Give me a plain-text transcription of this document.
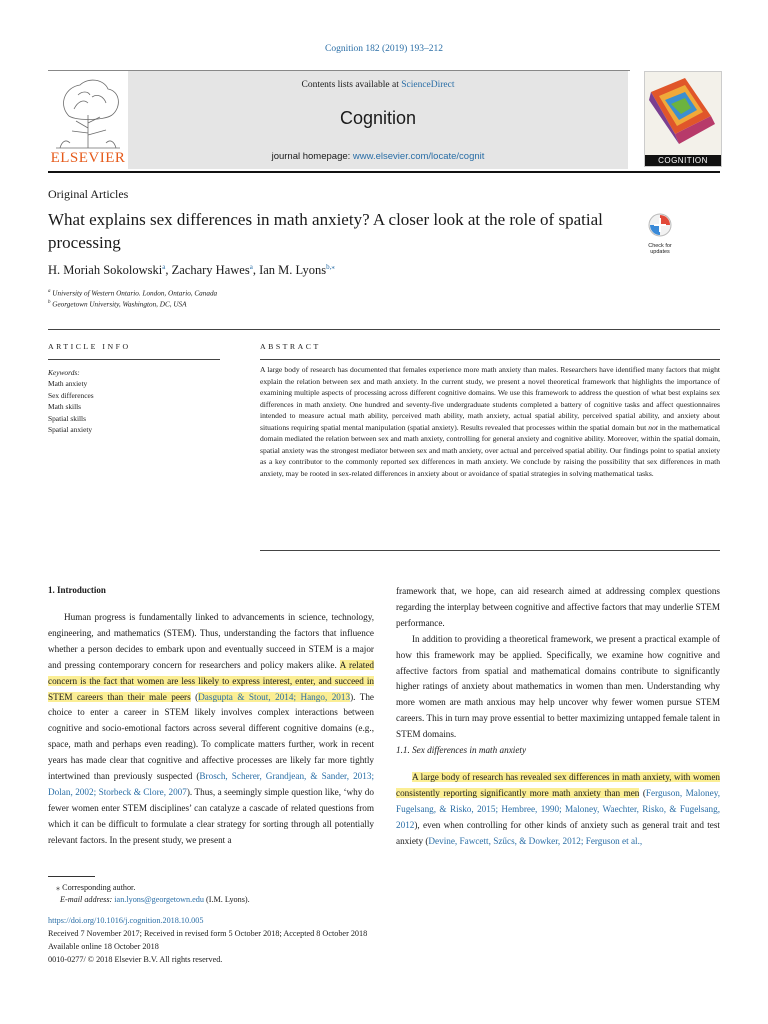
Cognition 182 (2019) 193–212
ELSEVIER
Contents lists available at ScienceDirect
Cognition
journal homepage: www.elsevier.com/locate/cognit	COGNITION
Original Articles
What explains sex differences in math anxiety? A closer look at the role of spatial processing	Check for updates
H. Moriah Sokolowski$^a$, Zachary Hawes$^a$, Ian M. Lyons$^{b,⁎}$
$^a$ University of Western Ontario. London, Ontario, Canada
$^b$ Georgetown University, Washington, DC, USA
ARTICLE INFO	ABSTRACT
Keywords:
Math anxiety
Sex differences
Math skills
Spatial skills
Spatial anxiety
A large body of research has documented that females experience more math anxiety than males. Researchers have identified many factors that might explain the relation between sex and math anxiety. In the current study, we present a novel theoretical framework that highlights the importance of examining multiple aspects of processing across different cognitive domains. We use this framework to address the question of what best explains sex differences in math anxiety. One hundred and seventy-five undergraduate students completed a battery of cognitive tasks and affect questionnaires intended to measure actual math ability, perceived math ability, math anxiety, actual spatial ability, perceived spatial ability, and anxiety about situations requiring spatial mental manipulation (spatial anxiety). Results revealed that processes within the spatial domain but not in the mathematical domain mediated the relation between sex and math anxiety, controlling for general anxiety and cognitive ability. Moreover, within the spatial domain, spatial anxiety was the strongest mediator between sex and math anxiety, over actual and perceived spatial ability. Our findings point to spatial anxiety as a key contributor to the commonly reported sex differences in math anxiety. We conclude by raising the possibility that sex differences in math anxiety, may be rooted in sex-related differences in anxiety about or avoidance of spatial strategies in solving mathematical tasks.
1. Introduction

Human progress is fundamentally linked to advancements in science, technology, engineering, and mathematics (STEM). Thus, understanding the factors that influence whether a person decides to embark upon and eventually succeed in STEM is a major and pressing contemporary concern for researchers and policy makers alike. A related concern is the fact that women are less likely to express interest, enter, and succeed in STEM careers than their male peers (Dasgupta & Stout, 2014; Hango, 2013). The choice to enter a career in STEM likely involves complex interactions between cognitive and socio-emotional factors across several different cognitive domains (e.g., space, math and perhaps even reading). To complicate matters further, work in recent years has made clear that cognitive and affective processes are likely far more tightly intertwined than previously suspected (Brosch, Scherer, Grandjean, & Sander, 2013; Dolan, 2002; Storbeck & Clore, 2007). Thus, a seemingly simple question like, ‘why do fewer women enter STEM disciplines’ can catalyze a cascade of related questions from which it can be difficult to formulate a clear strategy for sorting through all potentially relevant factors. In the present study, we present a

framework that, we hope, can aid research aimed at addressing complex questions regarding the interplay between cognitive and affective factors that may underlie STEM performance.

In addition to providing a theoretical framework, we present a practical example of how this framework may be applied. Specifically, we examine how cognitive and affective factors from spatial and mathematical domains contribute to significantly higher ratings of anxiety about mathematics in women than men. Understanding why more women are math anxious may help uncover why fewer women pursue STEM careers. This in turn may prove essential to better maximizing untapped female talent in STEM domains.

1.1. Sex differences in math anxiety

A large body of research has revealed sex differences in math anxiety, with women consistently reporting significantly more math anxiety than men (Ferguson, Maloney, Fugelsang, & Risko, 2015; Hembree, 1990; Maloney, Waechter, Risko, & Fugelsang, 2012), even when controlling for other kinds of anxiety such as general trait and test anxiety (Devine, Fawcett, Szűcs, & Dowker, 2012; Ferguson et al.,

⁎ Corresponding author.
E-mail address: ian.lyons@georgetown.edu (I.M. Lyons).
https://doi.org/10.1016/j.cognition.2018.10.005
Received 7 November 2017; Received in revised form 5 October 2018; Accepted 8 October 2018
Available online 18 October 2018
0010-0277/ © 2018 Elsevier B.V. All rights reserved.
